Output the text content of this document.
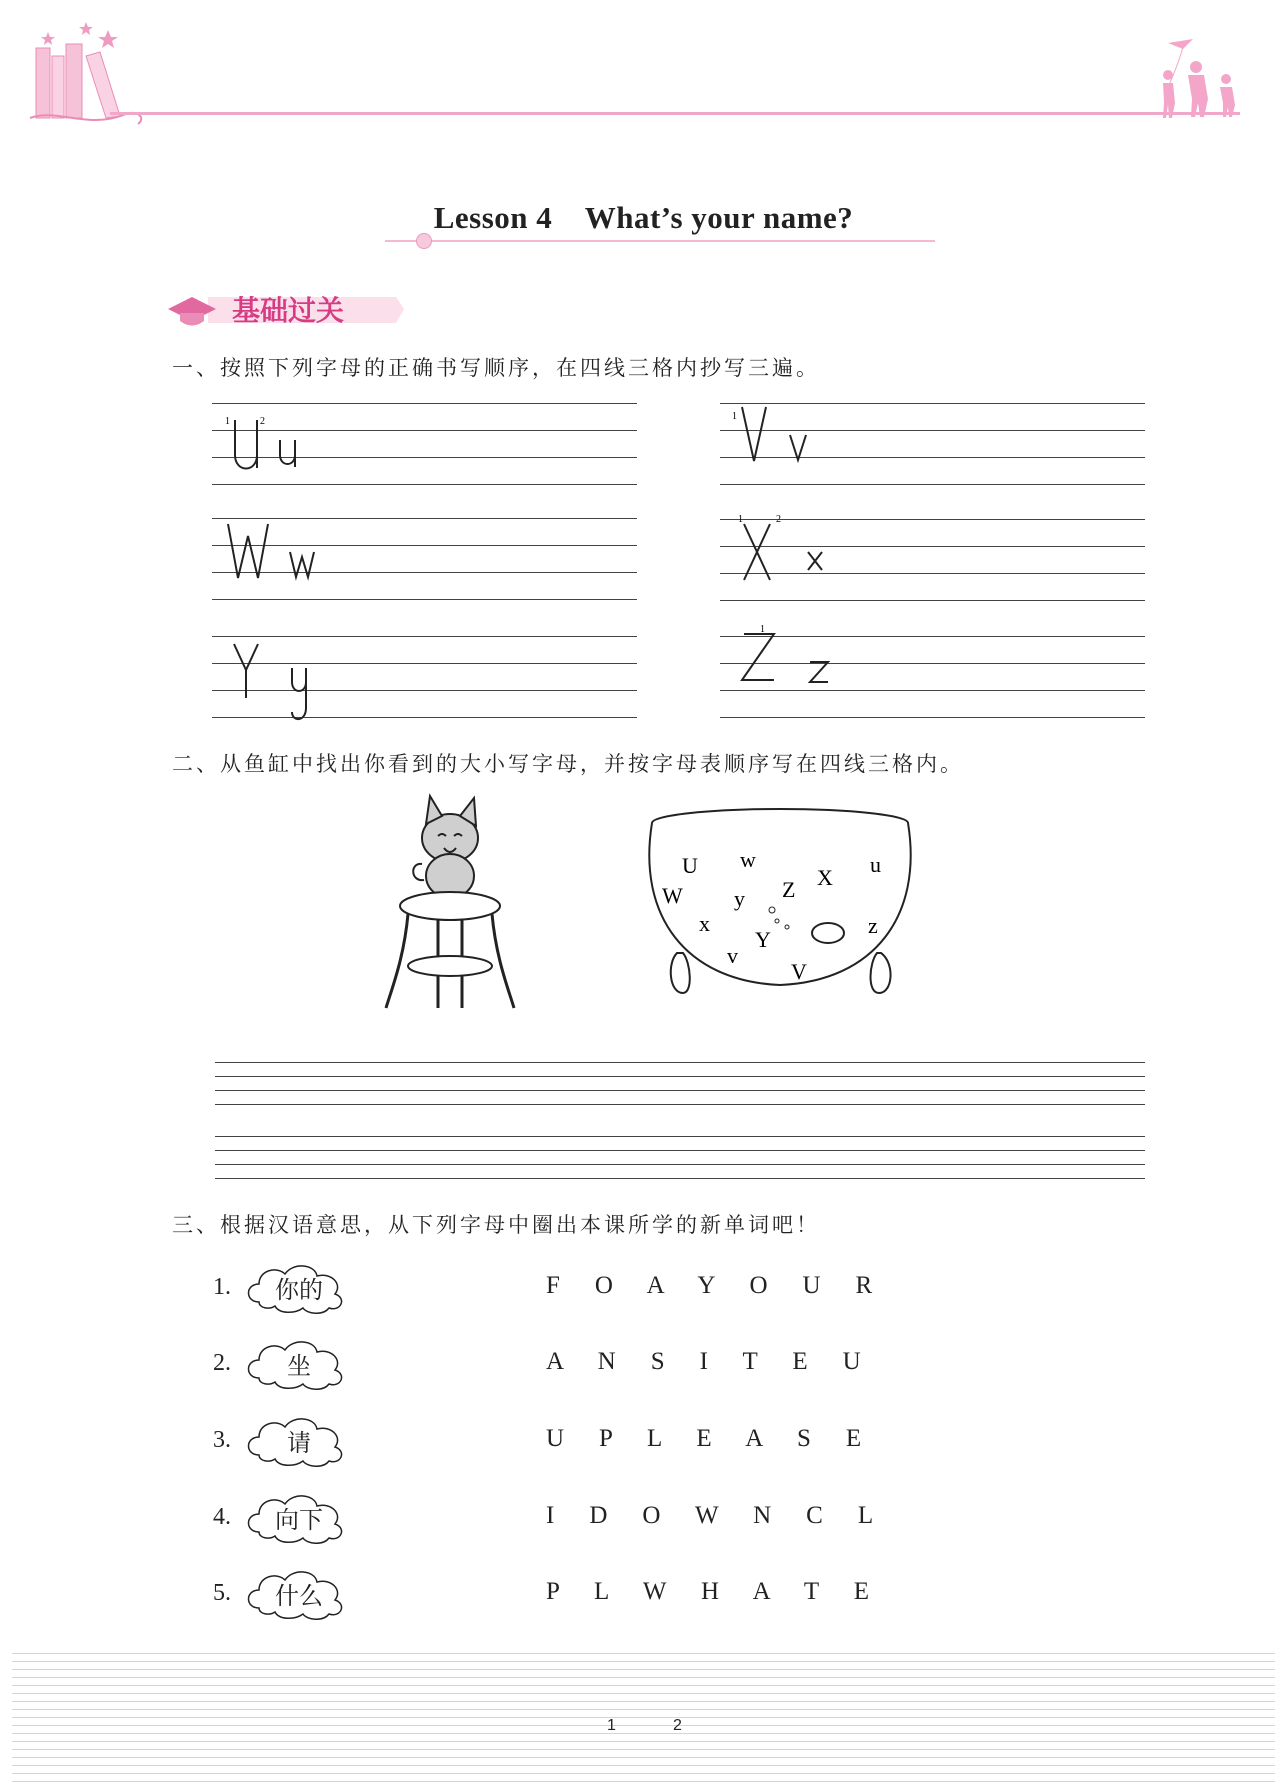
Lesson 4    What’s your name?
基础过关
一、按照下列字母的正确书写顺序，在四线三格内抄写三遍。
1	2	1
1	2
1
二、从鱼缸中找出你看到的大小写字母，并按字母表顺序写在四线三格内。
U w	u
X
W y Z
x
Y
z
v
V
三、根据汉语意思，从下列字母中圈出本课所学的新单词吧！
1.	你的	F    O    A    Y    O    U    R
2.	坐	A    N    S    I    T    E    U
3.	请	U    P    L    E    A    S    E
4.	向下	I    D    O    W    N    C    L
5.	什么	P    L    W    H    A    T    E
1	2
